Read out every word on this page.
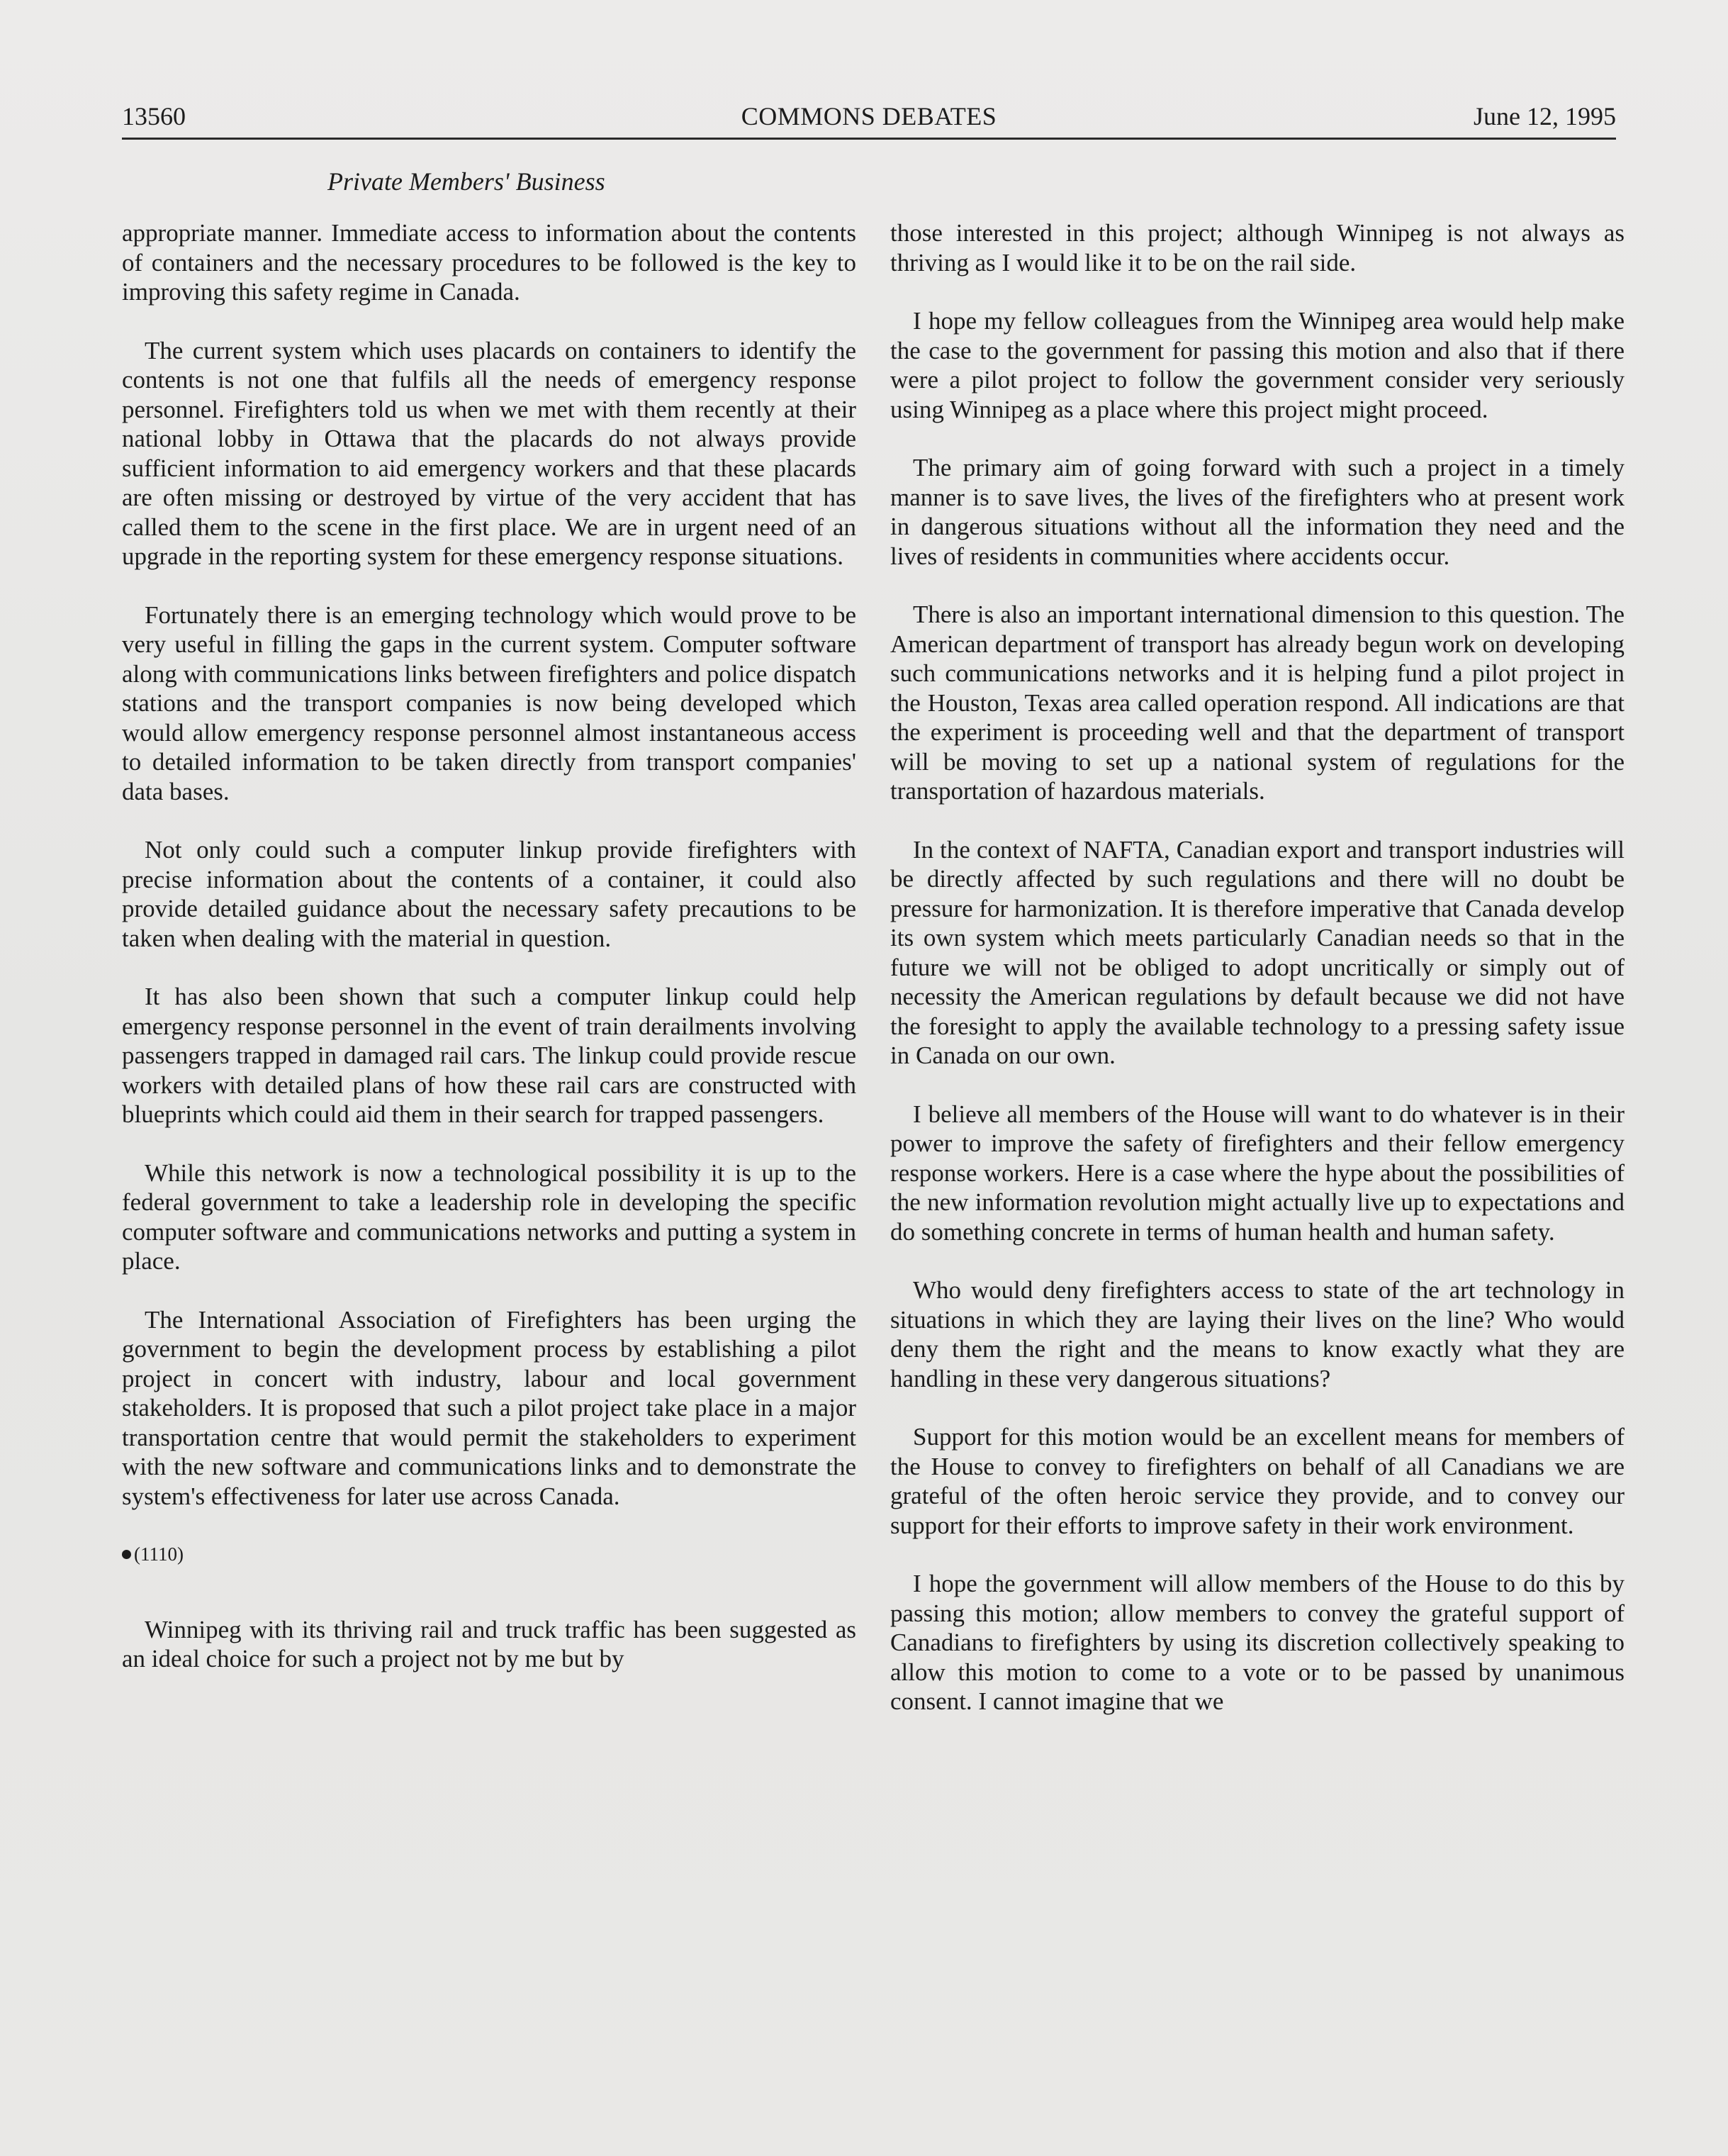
13560	COMMONS DEBATES	June 12, 1995
Private Members' Business

appropriate manner. Immediate access to information about the contents of containers and the necessary procedures to be followed is the key to improving this safety regime in Canada.

The current system which uses placards on containers to identify the contents is not one that fulfils all the needs of emergency response personnel. Firefighters told us when we met with them recently at their national lobby in Ottawa that the placards do not always provide sufficient information to aid emergency workers and that these placards are often missing or destroyed by virtue of the very accident that has called them to the scene in the first place. We are in urgent need of an upgrade in the reporting system for these emergency response situations.

Fortunately there is an emerging technology which would prove to be very useful in filling the gaps in the current system. Computer software along with communications links between firefighters and police dispatch stations and the transport companies is now being developed which would allow emergency response personnel almost instantaneous access to detailed information to be taken directly from transport companies' data bases.

Not only could such a computer linkup provide firefighters with precise information about the contents of a container, it could also provide detailed guidance about the necessary safety precautions to be taken when dealing with the material in question.

It has also been shown that such a computer linkup could help emergency response personnel in the event of train derailments involving passengers trapped in damaged rail cars. The linkup could provide rescue workers with detailed plans of how these rail cars are constructed with blueprints which could aid them in their search for trapped passengers.

While this network is now a technological possibility it is up to the federal government to take a leadership role in developing the specific computer software and communications networks and putting a system in place.

The International Association of Firefighters has been urging the government to begin the development process by establishing a pilot project in concert with industry, labour and local government stakeholders. It is proposed that such a pilot project take place in a major transportation centre that would permit the stakeholders to experiment with the new software and communications links and to demonstrate the system's effectiveness for later use across Canada.

(1110)

Winnipeg with its thriving rail and truck traffic has been suggested as an ideal choice for such a project not by me but by

those interested in this project; although Winnipeg is not always as thriving as I would like it to be on the rail side.

I hope my fellow colleagues from the Winnipeg area would help make the case to the government for passing this motion and also that if there were a pilot project to follow the government consider very seriously using Winnipeg as a place where this project might proceed.

The primary aim of going forward with such a project in a timely manner is to save lives, the lives of the firefighters who at present work in dangerous situations without all the information they need and the lives of residents in communities where accidents occur.

There is also an important international dimension to this question. The American department of transport has already begun work on developing such communications networks and it is helping fund a pilot project in the Houston, Texas area called operation respond. All indications are that the experiment is proceeding well and that the department of transport will be moving to set up a national system of regulations for the transportation of hazardous materials.

In the context of NAFTA, Canadian export and transport industries will be directly affected by such regulations and there will no doubt be pressure for harmonization. It is therefore imperative that Canada develop its own system which meets particularly Canadian needs so that in the future we will not be obliged to adopt uncritically or simply out of necessity the American regulations by default because we did not have the foresight to apply the available technology to a pressing safety issue in Canada on our own.

I believe all members of the House will want to do whatever is in their power to improve the safety of firefighters and their fellow emergency response workers. Here is a case where the hype about the possibilities of the new information revolution might actually live up to expectations and do something concrete in terms of human health and human safety.

Who would deny firefighters access to state of the art technology in situations in which they are laying their lives on the line? Who would deny them the right and the means to know exactly what they are handling in these very dangerous situations?

Support for this motion would be an excellent means for members of the House to convey to firefighters on behalf of all Canadians we are grateful of the often heroic service they provide, and to convey our support for their efforts to improve safety in their work environment.

I hope the government will allow members of the House to do this by passing this motion; allow members to convey the grateful support of Canadians to firefighters by using its discretion collectively speaking to allow this motion to come to a vote or to be passed by unanimous consent. I cannot imagine that we
